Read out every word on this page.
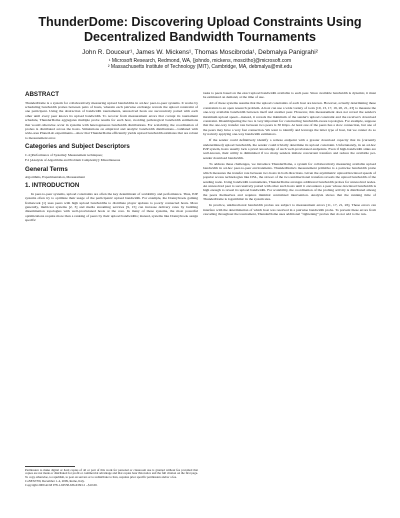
ThunderDome: Discovering Upload Constraints Using
Decentralized Bandwidth Tournaments
John R. Douceur¹, James W. Mickens¹, Thomas Moscibroda¹, Debmalya Panigrahi²
¹ Microsoft Research, Redmond, WA, {johndo, mickens, moscitho}@microsoft.com
² Massachusetts Institute of Technology (MIT), Cambridge, MA, debmalya@mit.edu
ABSTRACT

ThunderDome is a system for collaboratively measuring upload bandwidths in ad-hoc peer-to-peer systems. It works by scheduling bandwidth probes between pairs of hosts, wherein each pairwise exchange reveals the upload constraint of one participant. Using the abstraction of bandwidth tournaments, unresolved hosts are successively paired with each other until every peer knows its upload bandwidth. To recover from measurement errors that corrupt its tournament schedule, ThunderDome aggregates multiple probe results for each host, avoiding pathological bandwidth estimations that would otherwise occur in systems with heterogeneous bandwidth distributions. For scalability, the coordination of probes is distributed across the hosts. Simulations on empirical and analytic bandwidth distributions—validated with wide-area PlanetLab experiments—show that ThunderDome efficiently yields upload bandwidth estimates that are robust to measurement error.

Categories and Subject Descriptors

C.4 [Performance of Systems]: Measurement techniques;

F.2 [Analysis of Algorithms and Problem Complexity]: Miscellaneous

General Terms

Algorithms, Experimentation, Measurement

1. INTRODUCTION

In peer-to-peer systems, upload constraints are often the key determinant of scalability and performance. Thus, P2P systems often try to optimize their usage of the participants' upload bandwidth. For example, the Donnybrook gaming framework [1] uses peers with high upload bandwidths to distribute player updates to poorly connected hosts. More generally, multicast systems [2, 3] and media streaming services [9, 15] can increase delivery rates by building dissemination topologies with well-provisioned hosts at the core. In many of these systems, the most powerful optimizations require more than a ranking of peers by their upload bandwidths; instead, systems like Donnybrook assign specific

Permission to make digital or hard copies of all or part of this work for personal or classroom use is granted without fee provided that copies are not made or distributed for profit or commercial advantage and that copies bear this notice and the full citation on the first page. To copy otherwise, to republish, to post on servers or to redistribute to lists, requires prior specific permission and/or a fee.
CoNEXT'09, December 1–4, 2009, Rome, Italy.
Copyright 2009 ACM 978-1-60558-636-6/09/12 ...$10.00.

tasks to peers based on the exact upload bandwidth available to each peer. Since available bandwidth is dynamic, it must be estimated on demand, at the time of use.

All of these systems assume that the upload constraints of each host are known. However, actually determining these constraints is an open research problem. A host can use a wide variety of tools [10, 13, 17, 19, 20, 21, 23] to measure the one-way available bandwidth between itself and another peer. However, this measurement does not reveal the sender's maximum upload speed—instead, it reveals the minimum of the sender's upload constraint and the receiver's download constraint. Disambiguating the two is very important for constructing bandwidth-aware topologies. For example, suppose that the one-way transfer rate between two peers is 30 Kbps. At least one of the peers has a slow connection, but one of the peers may have a very fast connection. We want to identify and leverage the latter type of host, but we cannot do so by naively applying one-way bandwidth estimators.

If the sender could definitively identify a remote endpoint with a greater download capacity that its (currently undetermined) upload bandwidth, the sender could trivially determine its upload constraint. Unfortunately, in an ad-hoc P2P system, hosts usually lack a priori knowledge of such well-provisioned endpoints. Even if high-bandwidth sinks are well-known, their utility is diminished if too many senders initiate concurrent transfers and reduce the available per-sender download bandwidth.

To address these challenges, we introduce ThunderDome, a system for collaboratively measuring available upload bandwidth in ad-hoc peer-to-peer environments. ThunderDome's measurement primitive is a pairwise bandwidth probe which measures the transfer rate between two hosts in both directions. Given the asymmetric upload/download speeds of popular access technologies like DSL, the slower of the two unidirectional transfers reveals the upload bandwidth of the sending node. Using bandwidth tournaments, ThunderDome arranges additional bandwidth probes for unresolved nodes. An unresolved peer is successively paired with other such hosts until it encounters a peer whose download bandwidth is high enough to reveal its upload bandwidth. For scalability, the coordination of the probing activity is distributed among the peers themselves and requires minimal centralized intervention. Analysis shows that the running time of ThunderDome is logarithmic in the system size.

In practice, unidirectional bandwidth probes are subject to measurement errors [11, 17, 21, 26]. These errors can interfere with the determination of which host was resolved in a pairwise bandwidth probe. To prevent these errors from cascading throughout the tournament, ThunderDome uses additional “tightening” probes that do not add to the run-
